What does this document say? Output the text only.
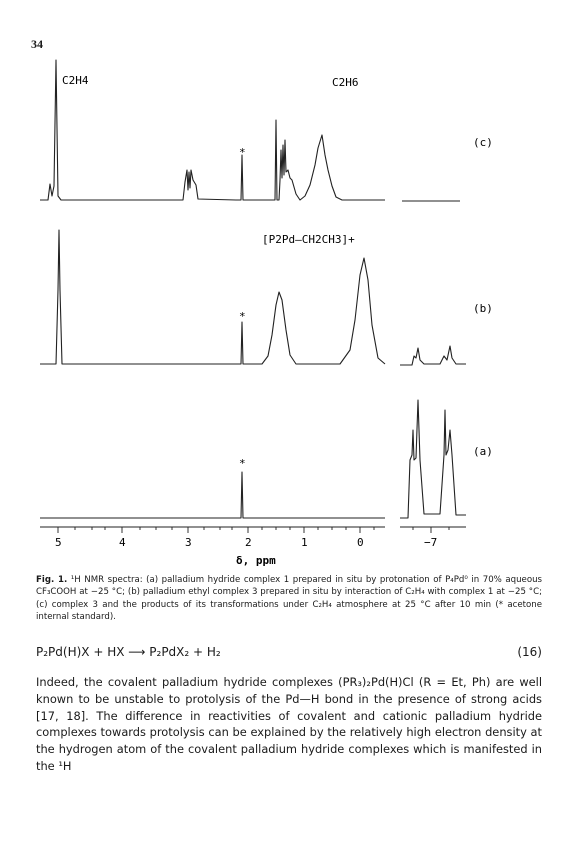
34
C2H4	C2H6
[P2Pd–CH2CH3]+
(c)
(b)
(a)
*
*
*
5	4	3	2	1	0	−7
δ, ppm
Fig. 1. ¹H NMR spectra: (a) palladium hydride complex 1 prepared in situ by protonation of P₄Pd⁰ in 70% aqueous CF₃COOH at −25 °C; (b) palladium ethyl complex 3 prepared in situ by interaction of C₂H₄ with complex 1 at −25 °C; (c) complex 3 and the products of its transformations under C₂H₄ atmosphere at 25 °C after 10 min (* acetone internal standard).
P₂Pd(H)X + HX ⟶ P₂PdX₂ + H₂	(16)
Indeed, the covalent palladium hydride complexes (PR₃)₂Pd(H)Cl (R = Et, Ph) are well known to be unstable to protolysis of the Pd—H bond in the presence of strong acids [17, 18]. The difference in reactivities of covalent and cationic palladium hydride complexes towards protolysis can be explained by the relatively high electron density at the hydrogen atom of the covalent palladium hydride complexes which is manifested in the ¹H
